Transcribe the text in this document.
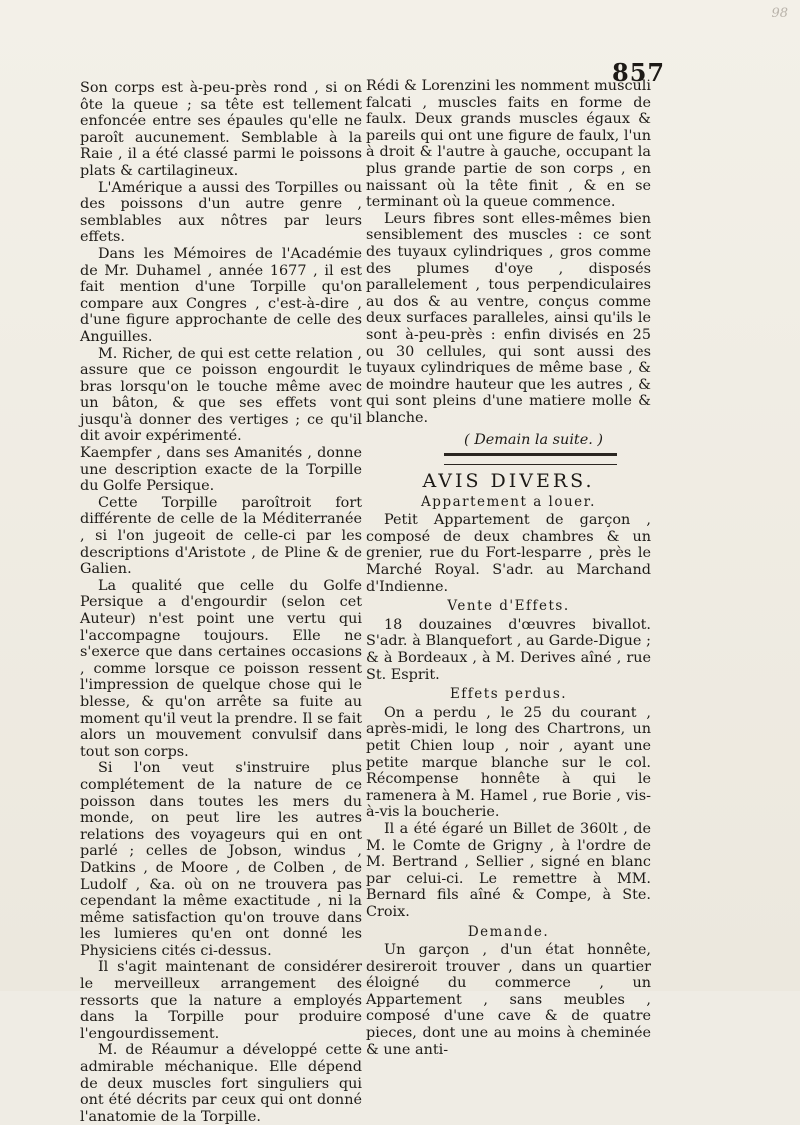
98
857

Son corps est à-peu-près rond , si on ôte la queue ; sa tête est tellement enfoncée entre ses épaules qu'elle ne paroît aucunement. Semblable à la Raie , il a été classé parmi le poissons plats & cartilagineux.

L'Amérique a aussi des Torpilles ou des poissons d'un autre genre , semblables aux nôtres par leurs effets.

Dans les Mémoires de l'Académie de Mr. Duhamel , année 1677 , il est fait mention d'une Torpille qu'on compare aux Congres , c'est-à-dire , d'une figure approchante de celle des Anguilles.

M. Richer, de qui est cette relation , assure que ce poisson engourdit le bras lorsqu'on le touche même avec un bâton, & que ses effets vont jusqu'à donner des vertiges ; ce qu'il dit avoir expérimenté.

Kaempfer , dans ses Amanités , donne une description exacte de la Torpille du Golfe Persique.

Cette Torpille paroîtroit fort différente de celle de la Méditerranée , si l'on jugeoit de celle-ci par les descriptions d'Aristote , de Pline & de Galien.

La qualité que celle du Golfe Persique a d'engourdir (selon cet Auteur) n'est point une vertu qui l'accompagne toujours. Elle ne s'exerce que dans certaines occasions , comme lorsque ce poisson ressent l'impression de quelque chose qui le blesse, & qu'on arrête sa fuite au moment qu'il veut la prendre. Il se fait alors un mouvement convulsif dans tout son corps.

Si l'on veut s'instruire plus complétement de la nature de ce poisson dans toutes les mers du monde, on peut lire les autres relations des voyageurs qui en ont parlé ; celles de Jobson, windus , Datkins , de Moore , de Colben , de Ludolf , &a. où on ne trouvera pas cependant la même exactitude , ni la même satisfaction qu'on trouve dans les lumieres qu'en ont donné les Physiciens cités ci-dessus.

Il s'agit maintenant de considérer le merveilleux arrangement des ressorts que la nature a employés dans la Torpille pour produire l'engourdissement.

M. de Réaumur a développé cette admirable méchanique. Elle dépend de deux muscles fort singuliers qui ont été décrits par ceux qui ont donné l'anatomie de la Torpille.

Rédi & Lorenzini les nomment musculi falcati , muscles faits en forme de faulx. Deux grands muscles égaux & pareils qui ont une figure de faulx, l'un à droit & l'autre à gauche, occupant la plus grande partie de son corps , en naissant où la tête finit , & en se terminant où la queue commence.

Leurs fibres sont elles-mêmes bien sensiblement des muscles : ce sont des tuyaux cylindriques , gros comme des plumes d'oye , disposés parallelement , tous perpendiculaires au dos & au ventre, conçus comme deux surfaces paralleles, ainsi qu'ils le sont à-peu-près : enfin divisés en 25 ou 30 cellules, qui sont aussi des tuyaux cylindriques de même base , & de moindre hauteur que les autres , & qui sont pleins d'une matiere molle & blanche.

( Demain la suite. )
AVIS DIVERS.
Appartement a louer.

Petit Appartement de garçon , composé de deux chambres & un grenier, rue du Fort-lesparre , près le Marché Royal. S'adr. au Marchand d'Indienne.

Vente d'Effets.

18 douzaines d'œuvres bivallot. S'adr. à Blanquefort , au Garde-Digue ; & à Bordeaux , à M. Derives aîné , rue St. Esprit.

Effets perdus.

On a perdu , le 25 du courant , après-midi, le long des Chartrons, un petit Chien loup , noir , ayant une petite marque blanche sur le col. Récompense honnête à qui le ramenera à M. Hamel , rue Borie , vis-à-vis la boucherie.

Il a été égaré un Billet de 360lt , de M. le Comte de Grigny , à l'ordre de M. Bertrand , Sellier , signé en blanc par celui-ci. Le remettre à MM. Bernard fils aîné & Compe, à Ste. Croix.

Demande.

Un garçon , d'un état honnête, desireroit trouver , dans un quartier éloigné du commerce , un Appartement , sans meubles , composé d'une cave & de quatre pieces, dont une au moins à cheminée & une anti-
